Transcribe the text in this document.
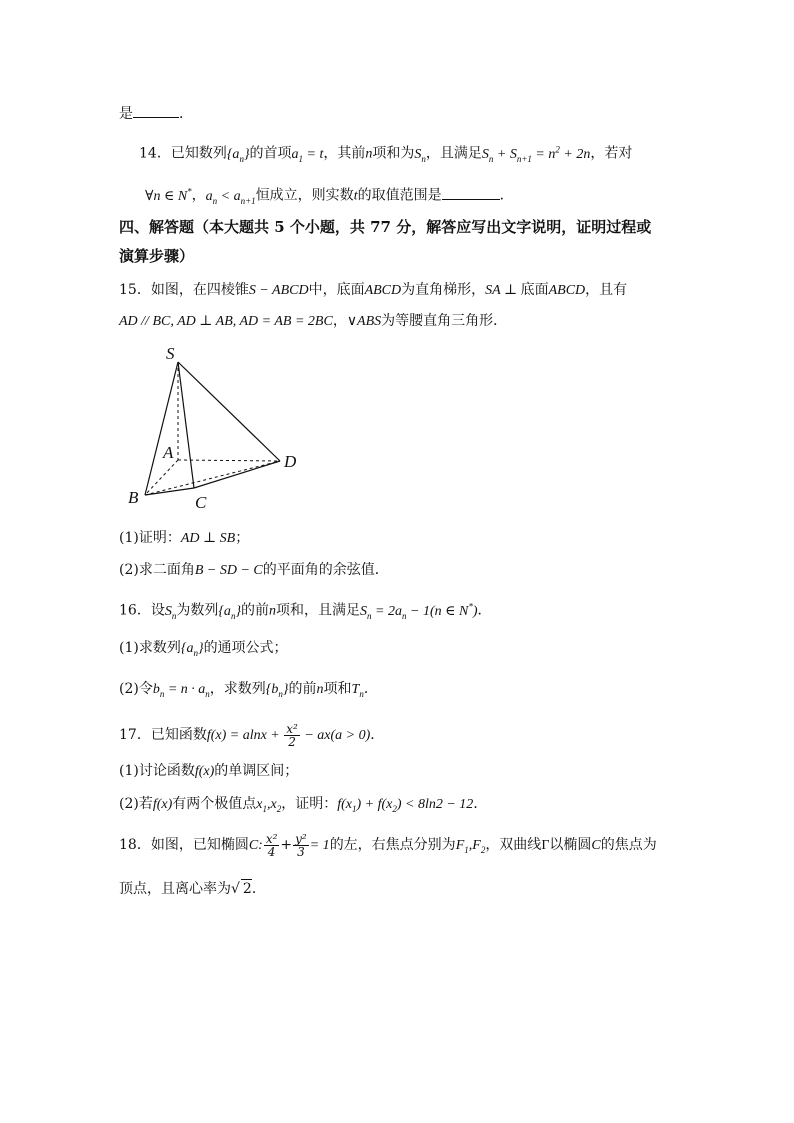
是	．
14．已知数列$\{a_n\}$的首项$a_1 = t$，其前n项和为$S_n$，且满足$S_n + S_{n+1} = n^2 + 2n$，若对
∀n ∈ N*，$a_n < a_{n+1}$恒成立，则实数t的取值范围是	．
四、解答题（本大题共 5 个小题，共 77 分，解答应写出文字说明，证明过程或
演算步骤）
15．如图，在四棱锥S − ABCD中，底面ABCD为直角梯形，SA ⊥ 底面ABCD，且有
AD // BC, AD ⊥ AB, AD = AB = 2BC，∨ABS为等腰直角三角形．
S
A	D
B	C
(1)证明：AD ⊥ SB；
(2)求二面角B − SD − C的平面角的余弦值．
16．设$S_n$为数列$\{a_n\}$的前n项和，且满足$S_n = 2a_n - 1(n$ ∈ N*)．
(1)求数列$\{a_n\}$的通项公式；
(2)令$b_n = n \cdot a_n$，求数列$\{b_n\}$的前n项和$T_n$．
17．已知函数$f(x) = alnx + \frac{\text{x²}}{2} - ax(a > 0)$．
(1)讨论函数f(x)的单调区间；
(2)若f(x)有两个极值点$x_1,x_2$，证明：$f(x_1) + f(x_2) < 8\ln 2 - 12$．
18．如图，已知椭圆C: $\frac{\text{x²}}{4} + \frac{\text{y²}}{3} = 1$的左，右焦点分别为$F_1,F_2$，双曲线Γ以椭圆C的焦点为
顶点，且离心率为√ 2．
